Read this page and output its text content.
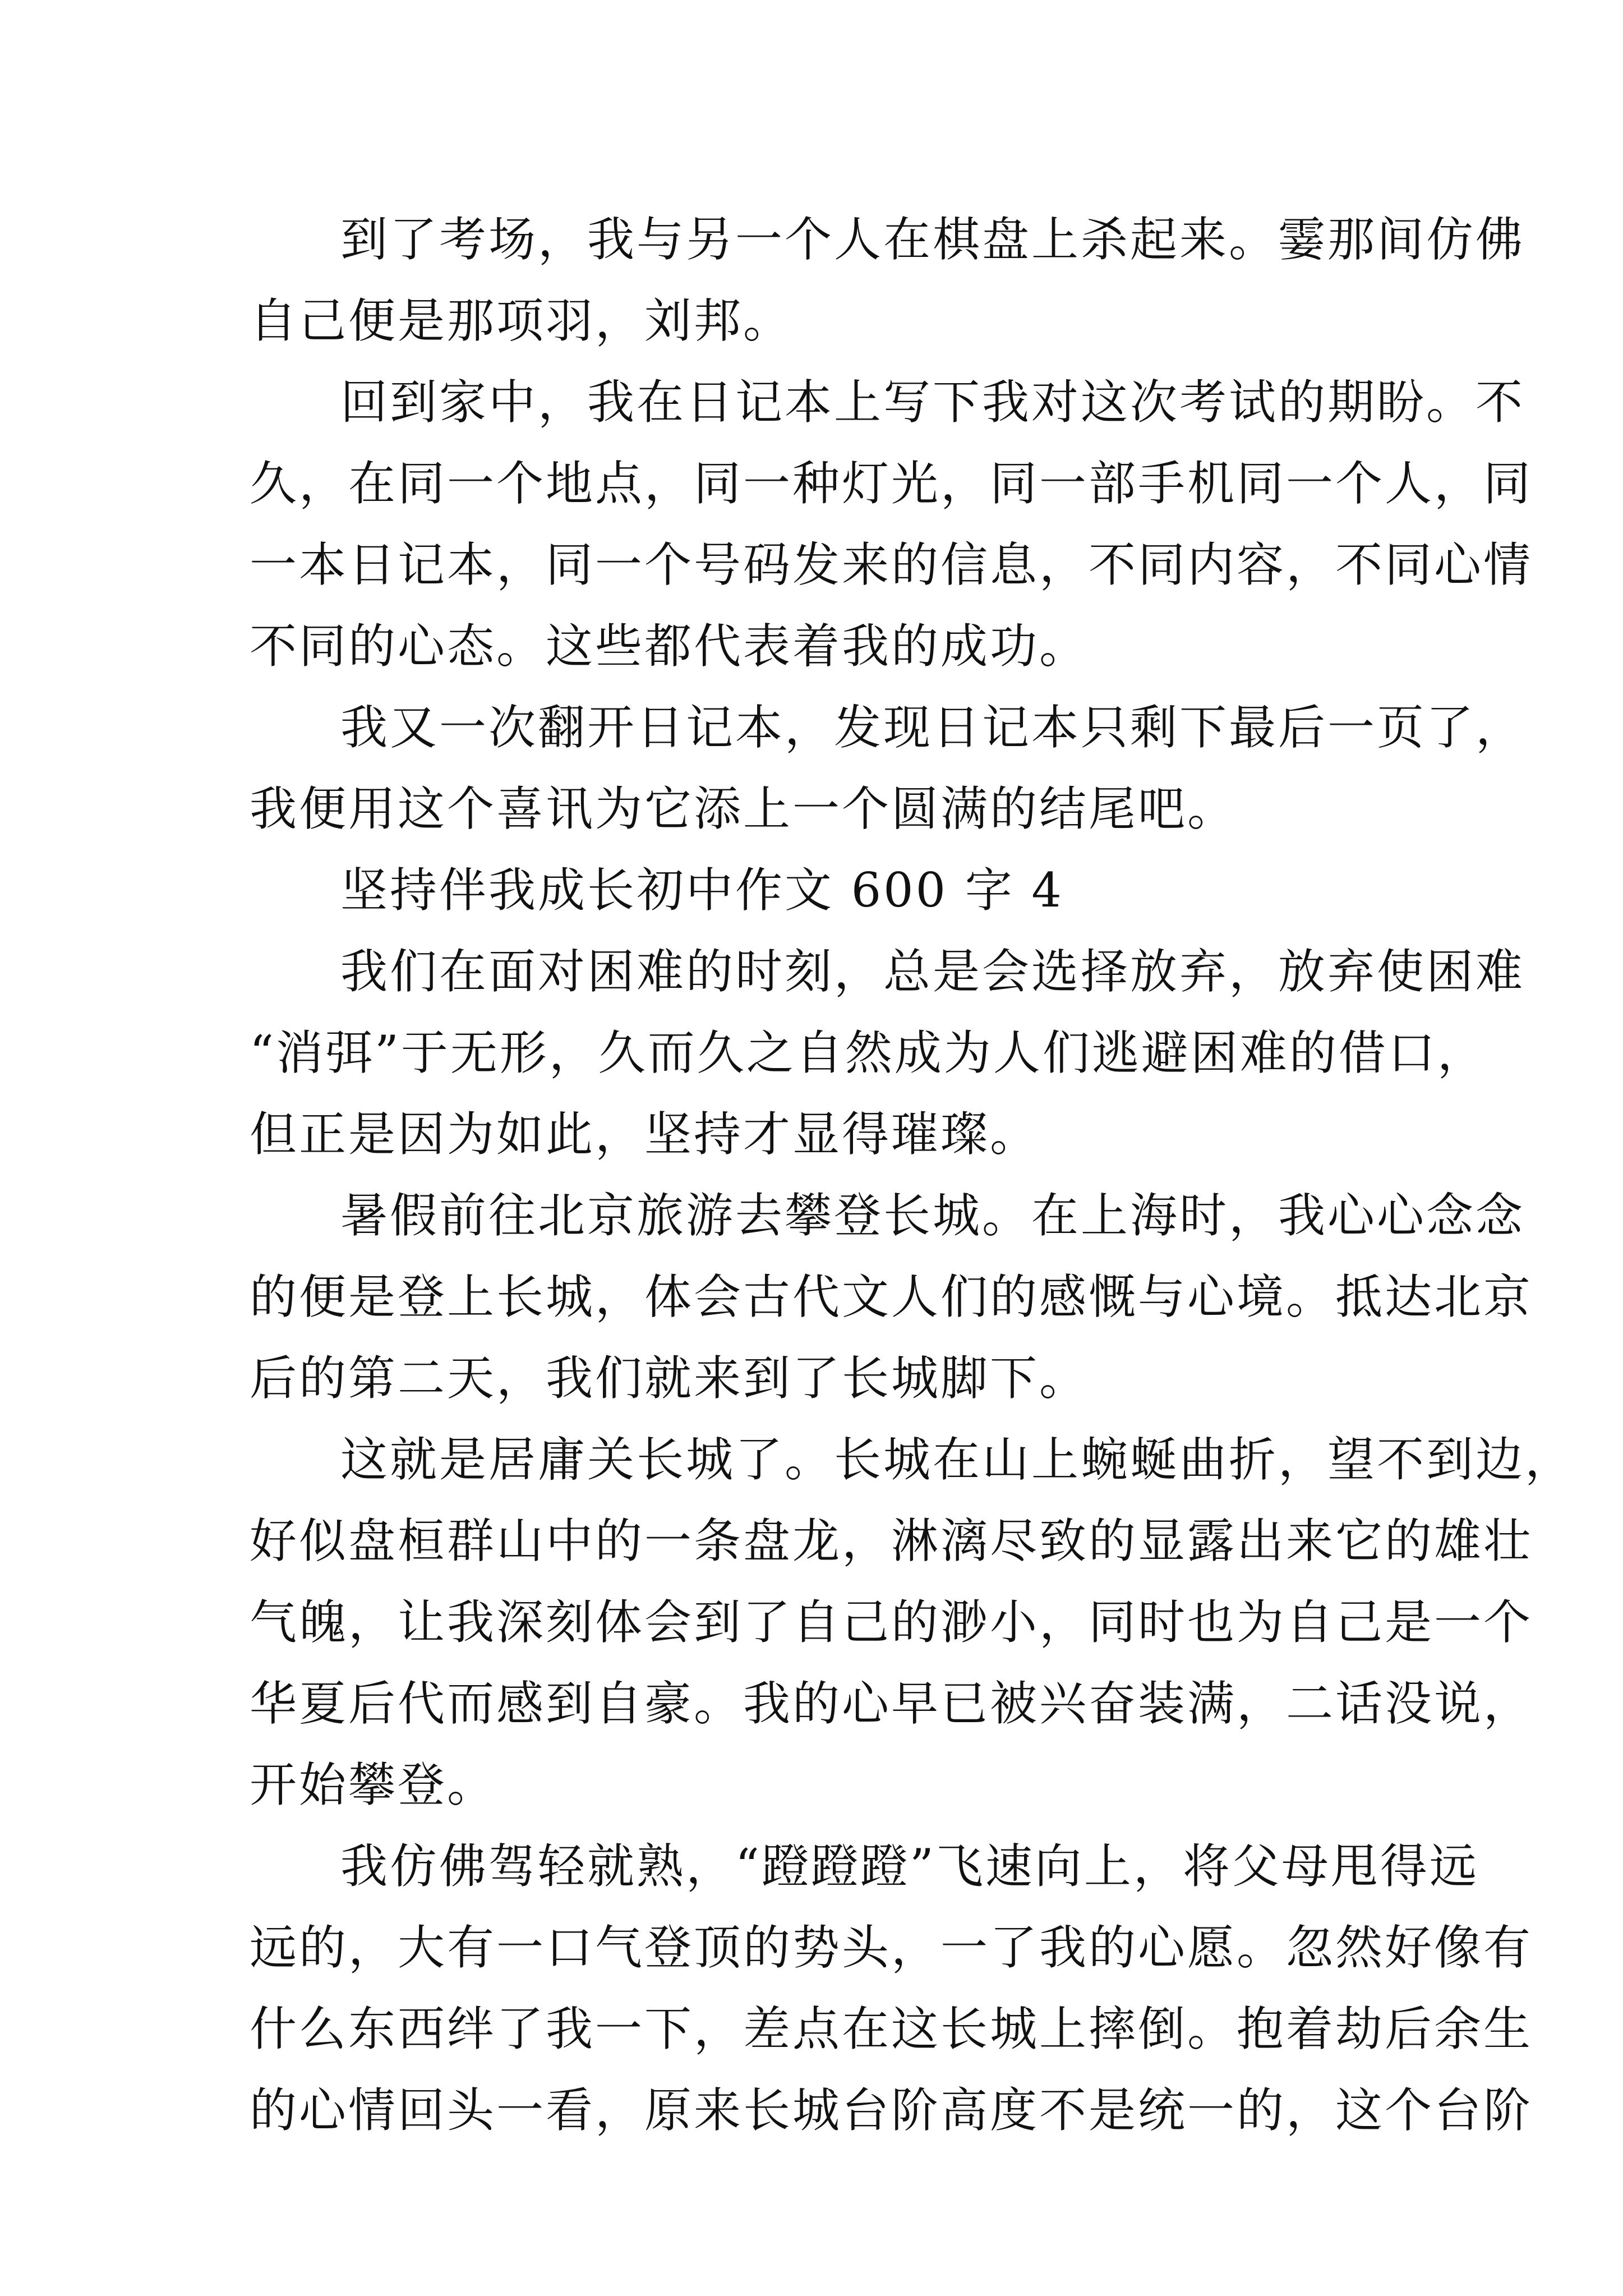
到了考场，我与另一个人在棋盘上杀起来。霎那间仿佛
自己便是那项羽，刘邦。
回到家中，我在日记本上写下我对这次考试的期盼。不
久，在同一个地点，同一种灯光，同一部手机同一个人，同
一本日记本，同一个号码发来的信息，不同内容，不同心情
不同的心态。这些都代表着我的成功。
我又一次翻开日记本，发现日记本只剩下最后一页了，
我便用这个喜讯为它添上一个圆满的结尾吧。
坚持伴我成长初中作文 600 字 4
我们在面对困难的时刻，总是会选择放弃，放弃使困难
“消弭”于无形，久而久之自然成为人们逃避困难的借口，
但正是因为如此，坚持才显得璀璨。
暑假前往北京旅游去攀登长城。在上海时，我心心念念
的便是登上长城，体会古代文人们的感慨与心境。抵达北京
后的第二天，我们就来到了长城脚下。
这就是居庸关长城了。长城在山上蜿蜒曲折，望不到边，
好似盘桓群山中的一条盘龙，淋漓尽致的显露出来它的雄壮
气魄，让我深刻体会到了自己的渺小，同时也为自己是一个
华夏后代而感到自豪。我的心早已被兴奋装满，二话没说，
开始攀登。
我仿佛驾轻就熟，“蹬蹬蹬”飞速向上，将父母甩得远
远的，大有一口气登顶的势头，一了我的心愿。忽然好像有
什么东西绊了我一下，差点在这长城上摔倒。抱着劫后余生
的心情回头一看，原来长城台阶高度不是统一的，这个台阶
